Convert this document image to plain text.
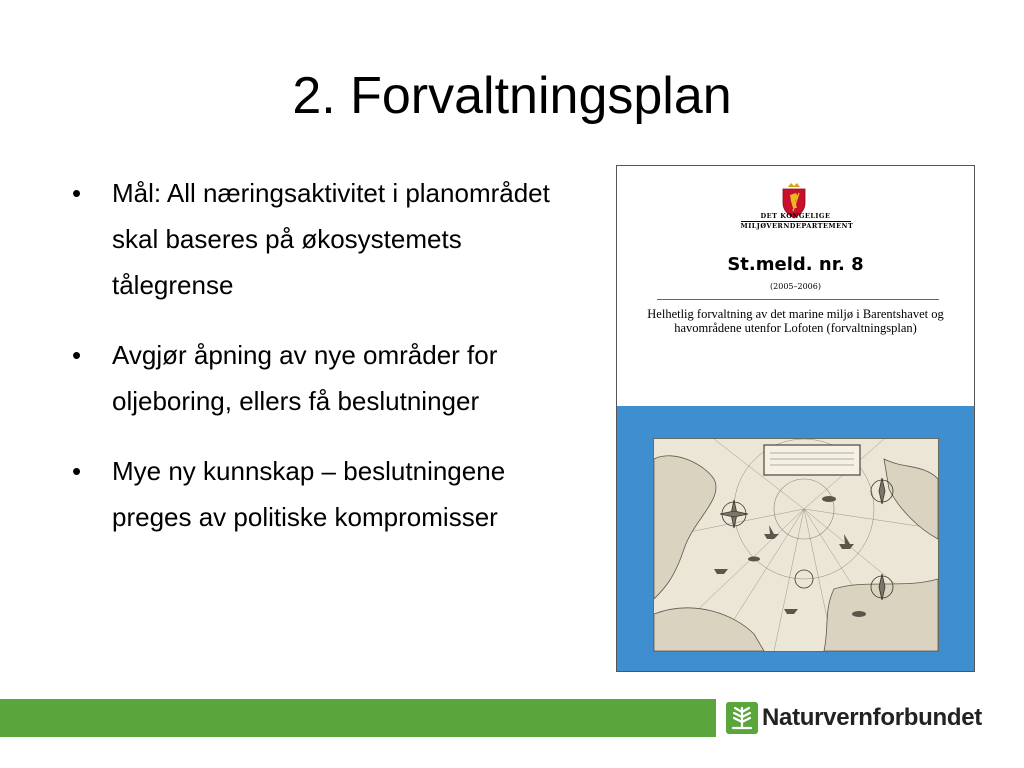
2. Forvaltningsplan
• Mål: All næringsaktivitet i planområdet skal baseres på økosystemets tålegrense
• Avgjør åpning av nye områder for oljeboring, ellers få beslutninger
• Mye ny kunnskap – beslutningene preges av politiske kompromisser
DET KONGELIGE
MILJØVERNDEPARTEMENT
St.meld. nr. 8
(2005–2006)
Helhetlig forvaltning av det marine miljø i Barentshavet og havområdene utenfor Lofoten (forvaltningsplan)
Naturvernforbundet
